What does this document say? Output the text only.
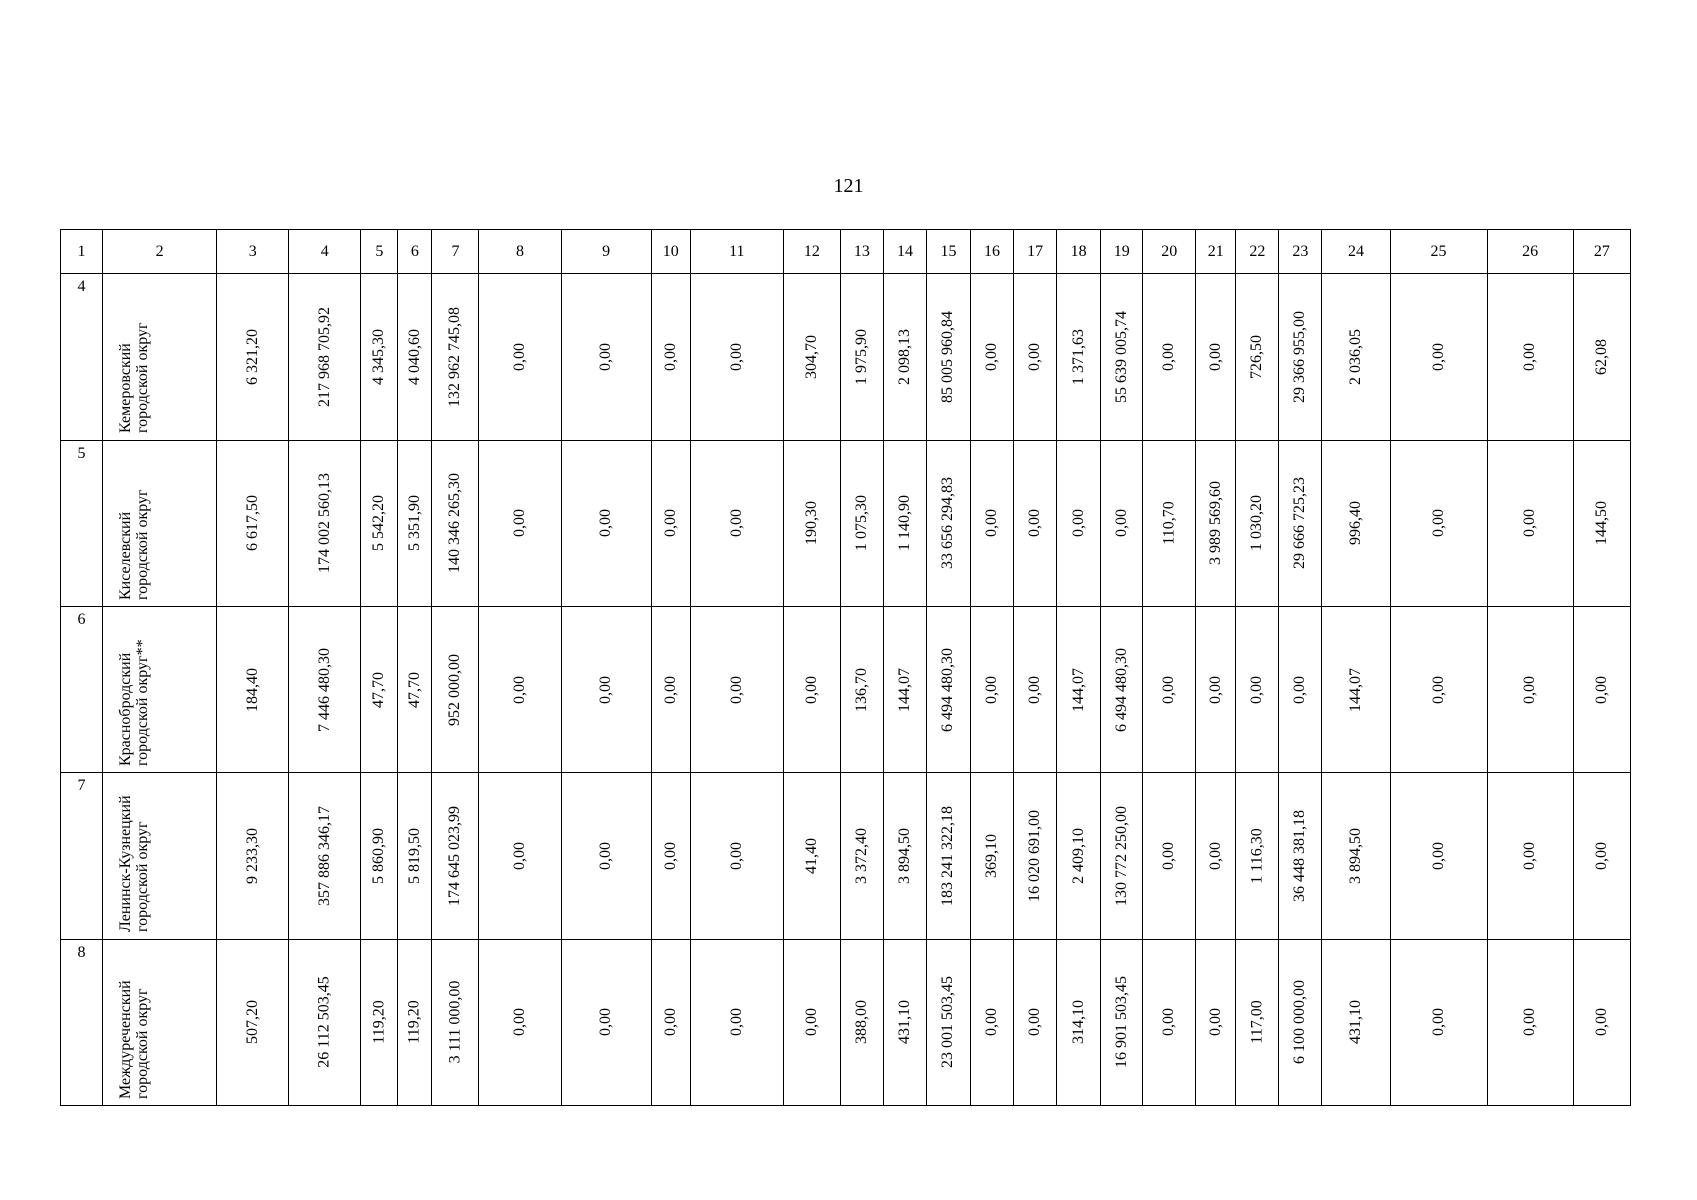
121
1	2	3	4	5	6	7	8	9	10	11	12	13	14	15	16	17	18	19	20	21	22	23	24	25	26	27

4	Кемеровский городской округ	6 321,20	217 968 705,92	4 345,30	4 040,60	132 962 745,08	0,00	0,00	0,00	0,00	304,70	1 975,90	2 098,13	85 005 960,84	0,00	0,00	1 371,63	55 639 005,74	0,00	0,00	726,50	29 366 955,00	2 036,05	0,00	0,00	62,08

5	Киселевский городской округ	6 617,50	174 002 560,13	5 542,20	5 351,90	140 346 265,30	0,00	0,00	0,00	0,00	190,30	1 075,30	1 140,90	33 656 294,83	0,00	0,00	0,00	0,00	110,70	3 989 569,60	1 030,20	29 666 725,23	996,40	0,00	0,00	144,50

6	Краснобродский городской округ**	184,40	7 446 480,30	47,70	47,70	952 000,00	0,00	0,00	0,00	0,00	0,00	136,70	144,07	6 494 480,30	0,00	0,00	144,07	6 494 480,30	0,00	0,00	0,00	0,00	144,07	0,00	0,00	0,00

7	Ленинск-Кузнецкий городской округ	9 233,30	357 886 346,17	5 860,90	5 819,50	174 645 023,99	0,00	0,00	0,00	0,00	41,40	3 372,40	3 894,50	183 241 322,18	369,10	16 020 691,00	2 409,10	130 772 250,00	0,00	0,00	1 116,30	36 448 381,18	3 894,50	0,00	0,00	0,00

8	Междуреченский городской округ	507,20	26 112 503,45	119,20	119,20	3 111 000,00	0,00	0,00	0,00	0,00	0,00	388,00	431,10	23 001 503,45	0,00	0,00	314,10	16 901 503,45	0,00	0,00	117,00	6 100 000,00	431,10	0,00	0,00	0,00
